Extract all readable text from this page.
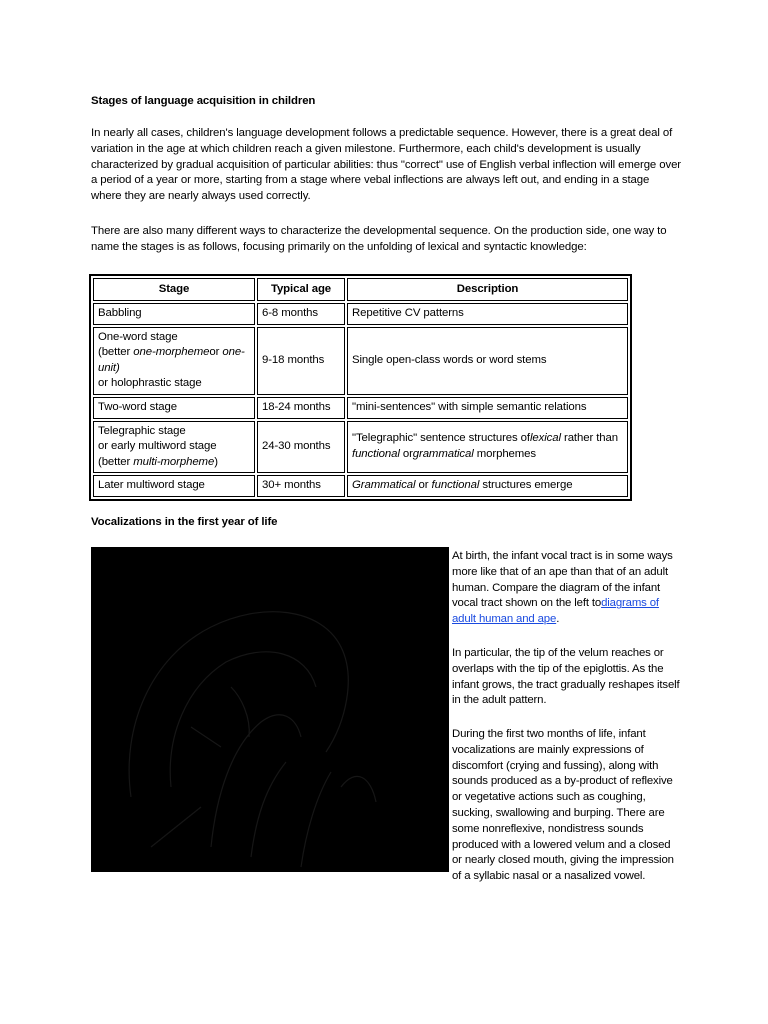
Stages of language acquisition in children

In nearly all cases, children's language development follows a predictable sequence. However, there is a great deal of variation in the age at which children reach a given milestone. Furthermore, each child's development is usually characterized by gradual acquisition of particular abilities: thus "correct" use of English verbal inflection will emerge over a period of a year or more, starting from a stage where vebal inflections are always left out, and ending in a stage where they are nearly always used correctly.

There are also many different ways to characterize the developmental sequence. On the production side, one way to name the stages is as follows, focusing primarily on the unfolding of lexical and syntactic knowledge:

Stage	Typical age	Description
Babbling	6-8 months	Repetitive CV patterns
One-word stage
(better one-morphemeor one-unit)
or holophrastic stage	9-18 months	Single open-class words or word stems
Two-word stage	18-24 months	"mini-sentences" with simple semantic relations
Telegraphic stage
or early multiword stage
(better multi-morpheme)	24-30 months	"Telegraphic" sentence structures oflexical rather than functional orgrammatical morphemes
Later multiword stage	30+ months	Grammatical or functional structures emerge
Vocalizations in the first year of life

At birth, the infant vocal tract is in some ways more like that of an ape than that of an adult human. Compare the diagram of the infant vocal tract shown on the left todiagrams of adult human and ape.

In particular, the tip of the velum reaches or overlaps with the tip of the epiglottis. As the infant grows, the tract gradually reshapes itself in the adult pattern.

During the first two months of life, infant vocalizations are mainly expressions of discomfort (crying and fussing), along with sounds produced as a by-product of reflexive or vegetative actions such as coughing, sucking, swallowing and burping. There are some nonreflexive, nondistress sounds produced with a lowered velum and a closed or nearly closed mouth, giving the impression of a syllabic nasal or a nasalized vowel.
